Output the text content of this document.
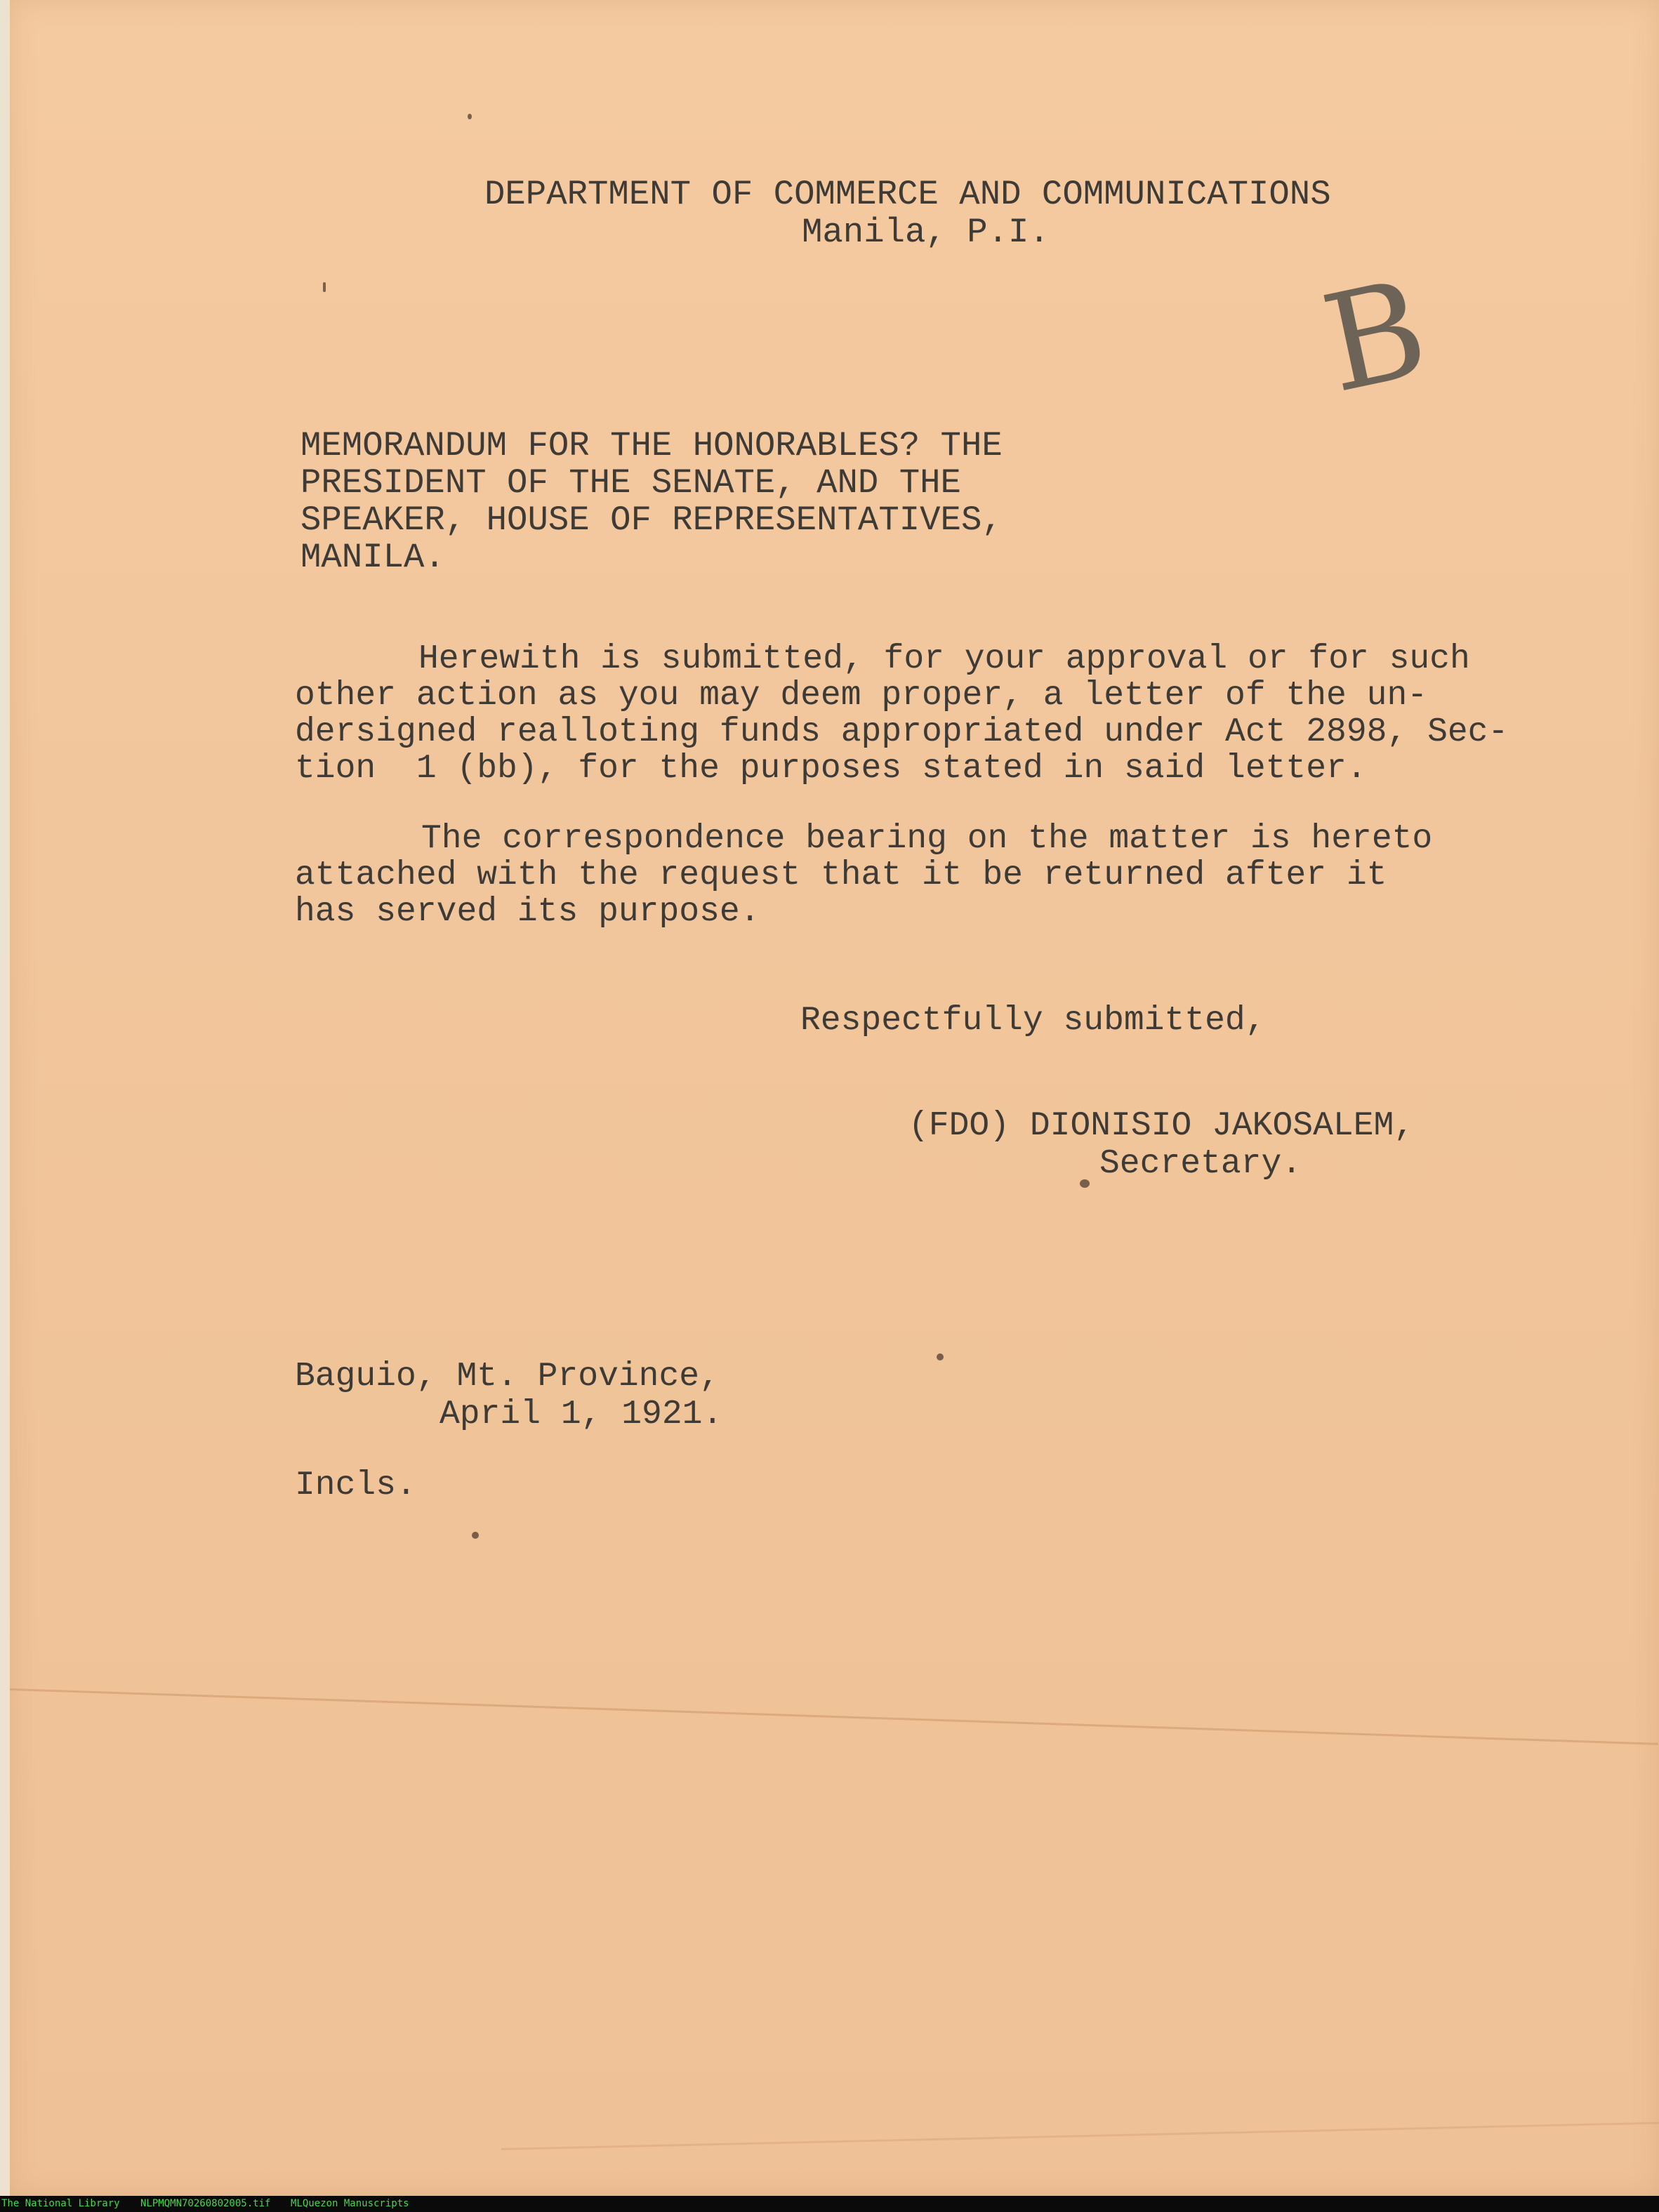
DEPARTMENT OF COMMERCE AND COMMUNICATIONS
Manila, P.I.
B
MEMORANDUM FOR THE HONORABLES? THE
PRESIDENT OF THE SENATE, AND THE
SPEAKER, HOUSE OF REPRESENTATIVES,
MANILA.
Herewith is submitted, for your approval or for such
other action as you may deem proper, a letter of the un-
dersigned realloting funds appropriated under Act 2898, Sec-
tion  1 (bb), for the purposes stated in said letter.
The correspondence bearing on the matter is hereto
attached with the request that it be returned after it
has served its purpose.
Respectfully submitted,
(FDO) DIONISIO JAKOSALEM,
Secretary.
Baguio, Mt. Province,
April 1, 1921.
Incls.
The National Library NLPMQMN70260802005.tif MLQuezon Manuscripts
